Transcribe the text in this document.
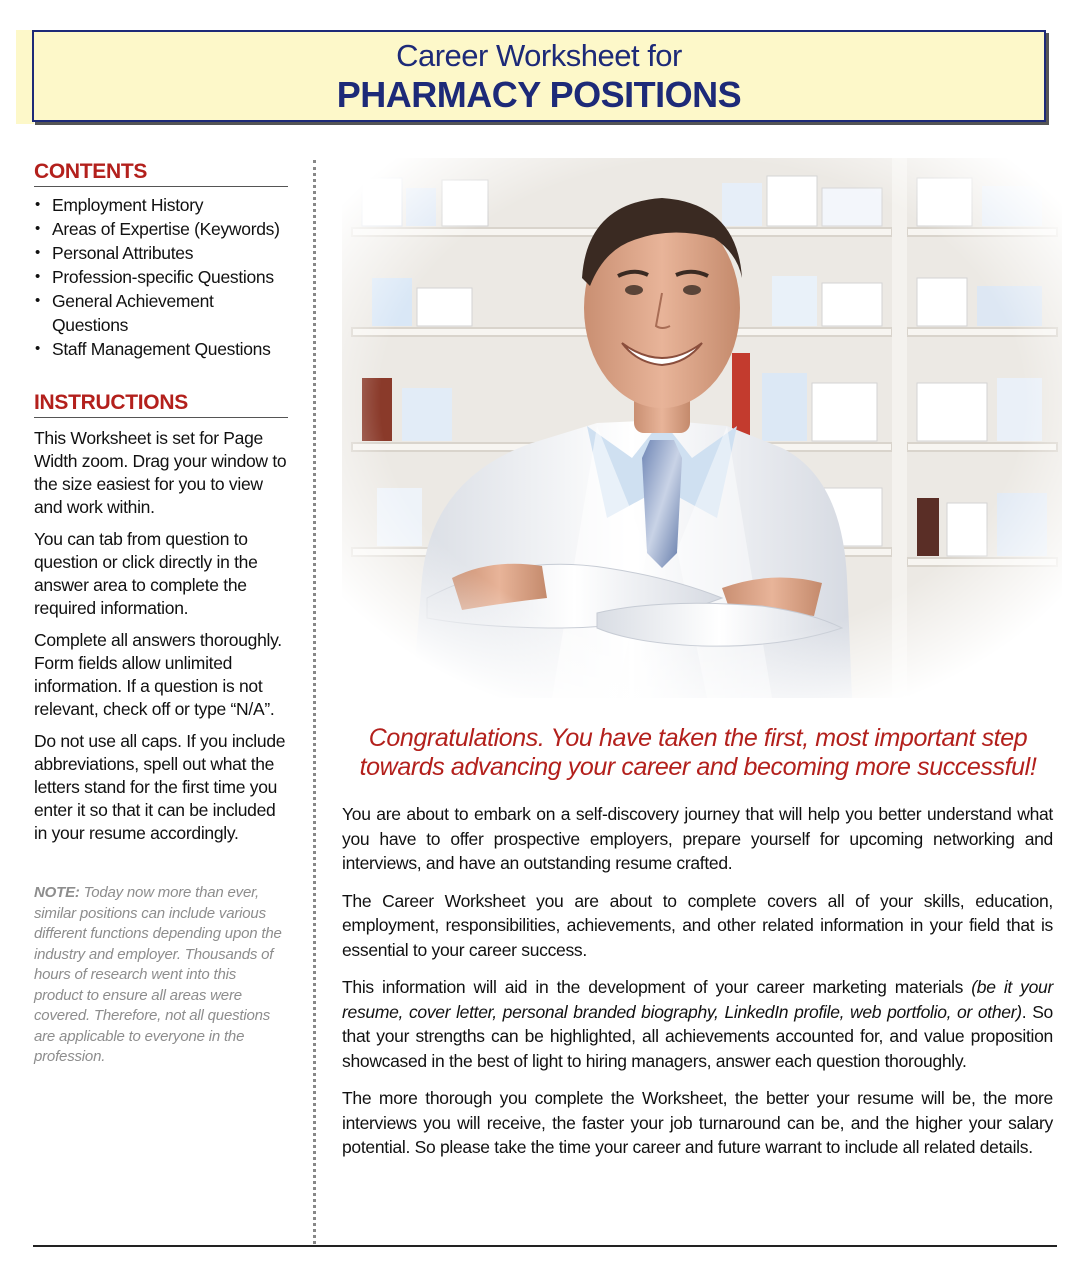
Career Worksheet for
PHARMACY POSITIONS
CONTENTS
• Employment History
• Areas of Expertise (Keywords)
• Personal Attributes
• Profession-specific Questions
• General Achievement Questions
• Staff Management Questions
INSTRUCTIONS

This Worksheet is set for Page Width zoom. Drag your window to the size easiest for you to view and work within.

You can tab from question to question or click directly in the answer area to complete the required information.

Complete all answers thoroughly. Form fields allow unlimited information. If a question is not relevant, check off or type “N/A”.

Do not use all caps. If you include abbreviations, spell out what the letters stand for the first time you enter it so that it can be included in your resume accordingly.

NOTE: Today now more than ever, similar positions can include various different functions depending upon the industry and employer. Thousands of hours of research went into this product to ensure all areas were covered. Therefore, not all questions are applicable to everyone in the profession.
Congratulations. You have taken the first, most important step towards advancing your career and becoming more successful!

You are about to embark on a self-discovery journey that will help you better understand what you have to offer prospective employers, prepare yourself for upcoming networking and interviews, and have an outstanding resume crafted.

The Career Worksheet you are about to complete covers all of your skills, education, employment, responsibilities, achievements, and other related information in your field that is essential to your career success.

This information will aid in the development of your career marketing materials (be it your resume, cover letter, personal branded biography, LinkedIn profile, web portfolio, or other). So that your strengths can be highlighted, all achievements accounted for, and value proposition showcased in the best of light to hiring managers, answer each question thoroughly.

The more thorough you complete the Worksheet, the better your resume will be, the more interviews you will receive, the faster your job turnaround can be, and the higher your salary potential. So please take the time your career and future warrant to include all related details.
